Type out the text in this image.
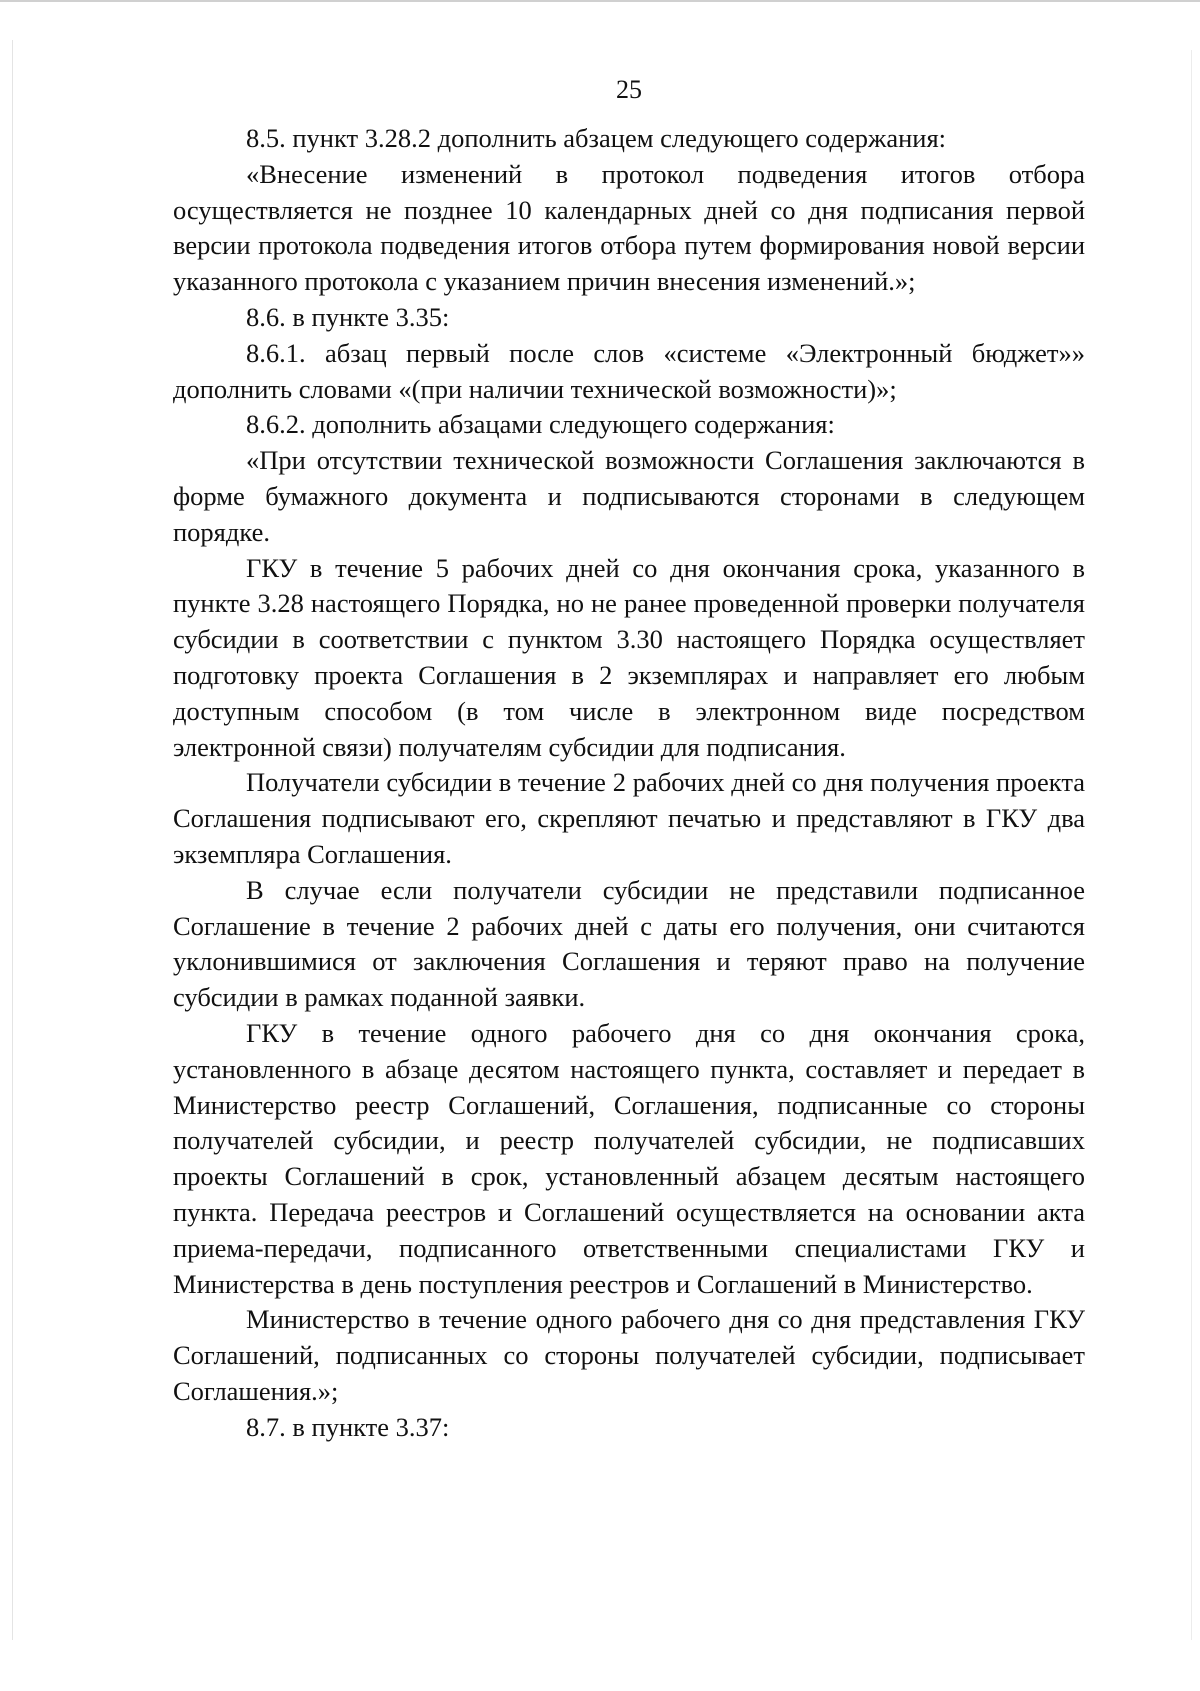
25

8.5. пункт 3.28.2 дополнить абзацем следующего содержания:

«Внесение изменений в протокол подведения итогов отбора осуществляется не позднее 10 календарных дней со дня подписания первой версии протокола подведения итогов отбора путем формирования новой версии указанного протокола с указанием причин внесения изменений.»;

8.6. в пункте 3.35:

8.6.1. абзац первый после слов «системе «Электронный бюджет»» дополнить словами «(при наличии технической возможности)»;

8.6.2. дополнить абзацами следующего содержания:

«При отсутствии технической возможности Соглашения заключаются в форме бумажного документа и подписываются сторонами в следующем порядке.

ГКУ в течение 5 рабочих дней со дня окончания срока, указанного в пункте 3.28 настоящего Порядка, но не ранее проведенной проверки получателя субсидии в соответствии с пунктом 3.30 настоящего Порядка осуществляет подготовку проекта Соглашения в 2 экземплярах и направляет его любым доступным способом (в том числе в электронном виде посредством электронной связи) получателям субсидии для подписания.

Получатели субсидии в течение 2 рабочих дней со дня получения проекта Соглашения подписывают его, скрепляют печатью и представляют в ГКУ два экземпляра Соглашения.

В случае если получатели субсидии не представили подписанное Соглашение в течение 2 рабочих дней с даты его получения, они считаются уклонившимися от заключения Соглашения и теряют право на получение субсидии в рамках поданной заявки.

ГКУ в течение одного рабочего дня со дня окончания срока, установленного в абзаце десятом настоящего пункта, составляет и передает в Министерство реестр Соглашений, Соглашения, подписанные со стороны получателей субсидии, и реестр получателей субсидии, не подписавших проекты Соглашений в срок, установленный абзацем десятым настоящего пункта. Передача реестров и Соглашений осуществляется на основании акта приема-передачи, подписанного ответственными специалистами ГКУ и Министерства в день поступления реестров и Соглашений в Министерство.

Министерство в течение одного рабочего дня со дня представления ГКУ Соглашений, подписанных со стороны получателей субсидии, подписывает Соглашения.»;

8.7. в пункте 3.37:
